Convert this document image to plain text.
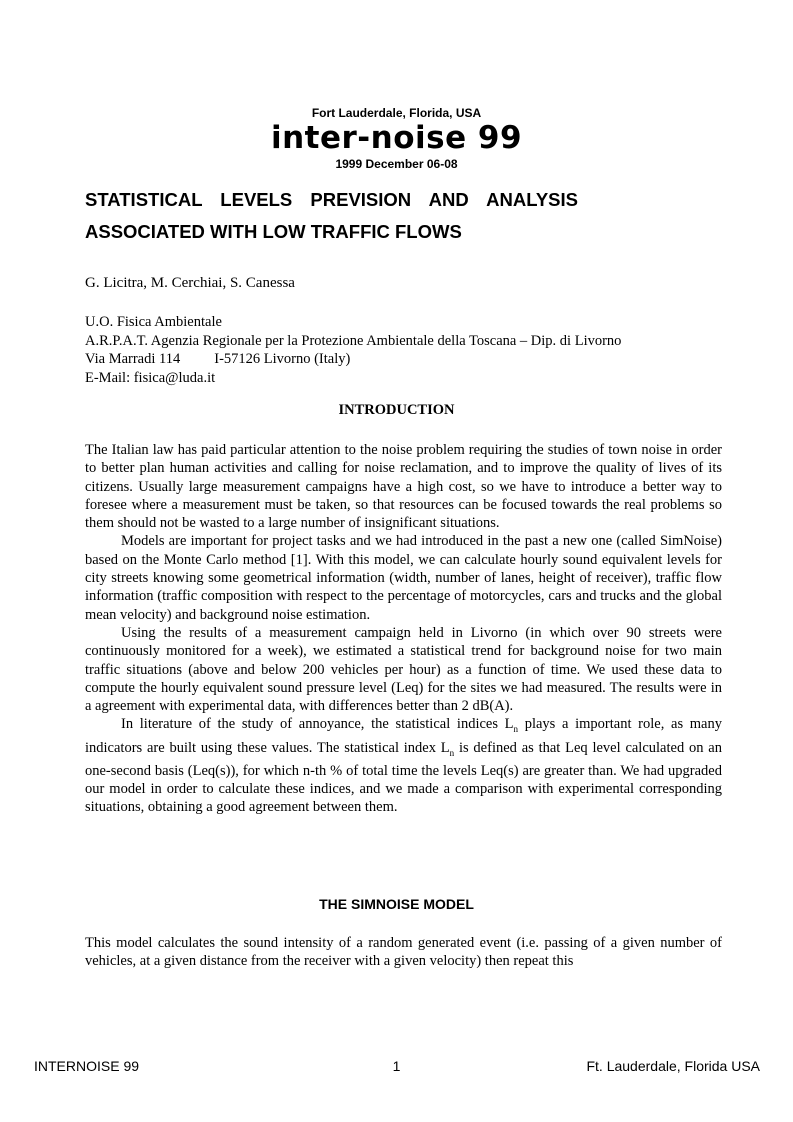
Fort Lauderdale, Florida, USA
inter-noise 99
1999 December 06-08
STATISTICAL LEVELS PREVISION AND ANALYSIS
ASSOCIATED WITH LOW TRAFFIC FLOWS
G. Licitra, M. Cerchiai, S. Canessa
U.O. Fisica Ambientale
A.R.P.A.T. Agenzia Regionale per la Protezione Ambientale della Toscana – Dip. di Livorno
Via Marradi 114 I-57126 Livorno (Italy)
E-Mail: fisica@luda.it
INTRODUCTION

The Italian law has paid particular attention to the noise problem requiring the studies of town noise in order to better plan human activities and calling for noise reclamation, and to improve the quality of lives of its citizens. Usually large measurement campaigns have a high cost, so we have to introduce a better way to foresee where a measurement must be taken, so that resources can be focused towards the real problems so them should not be wasted to a large number of insignificant situations.

Models are important for project tasks and we had introduced in the past a new one (called SimNoise) based on the Monte Carlo method [1]. With this model, we can calculate hourly sound equivalent levels for city streets knowing some geometrical information (width, number of lanes, height of receiver), traffic flow information (traffic composition with respect to the percentage of motorcycles, cars and trucks and the global mean velocity) and background noise estimation.

Using the results of a measurement campaign held in Livorno (in which over 90 streets were continuously monitored for a week), we estimated a statistical trend for background noise for two main traffic situations (above and below 200 vehicles per hour) as a function of time. We used these data to compute the hourly equivalent sound pressure level (Leq) for the sites we had measured. The results were in a agreement with experimental data, with differences better than 2 dB(A).

In literature of the study of annoyance, the statistical indices $L_n$ plays a important role, as many indicators are built using these values. The statistical index $L_n$ is defined as that Leq level calculated on an one-second basis (Leq(s)), for which n-th % of total time the levels Leq(s) are greater than. We had upgraded our model in order to calculate these indices, and we made a comparison with experimental corresponding situations, obtaining a good agreement between them.

THE SIMNOISE MODEL

This model calculates the sound intensity of a random generated event (i.e. passing of a given number of vehicles, at a given distance from the receiver with a given velocity) then repeat this

INTERNOISE 99	1	Ft. Lauderdale, Florida USA
